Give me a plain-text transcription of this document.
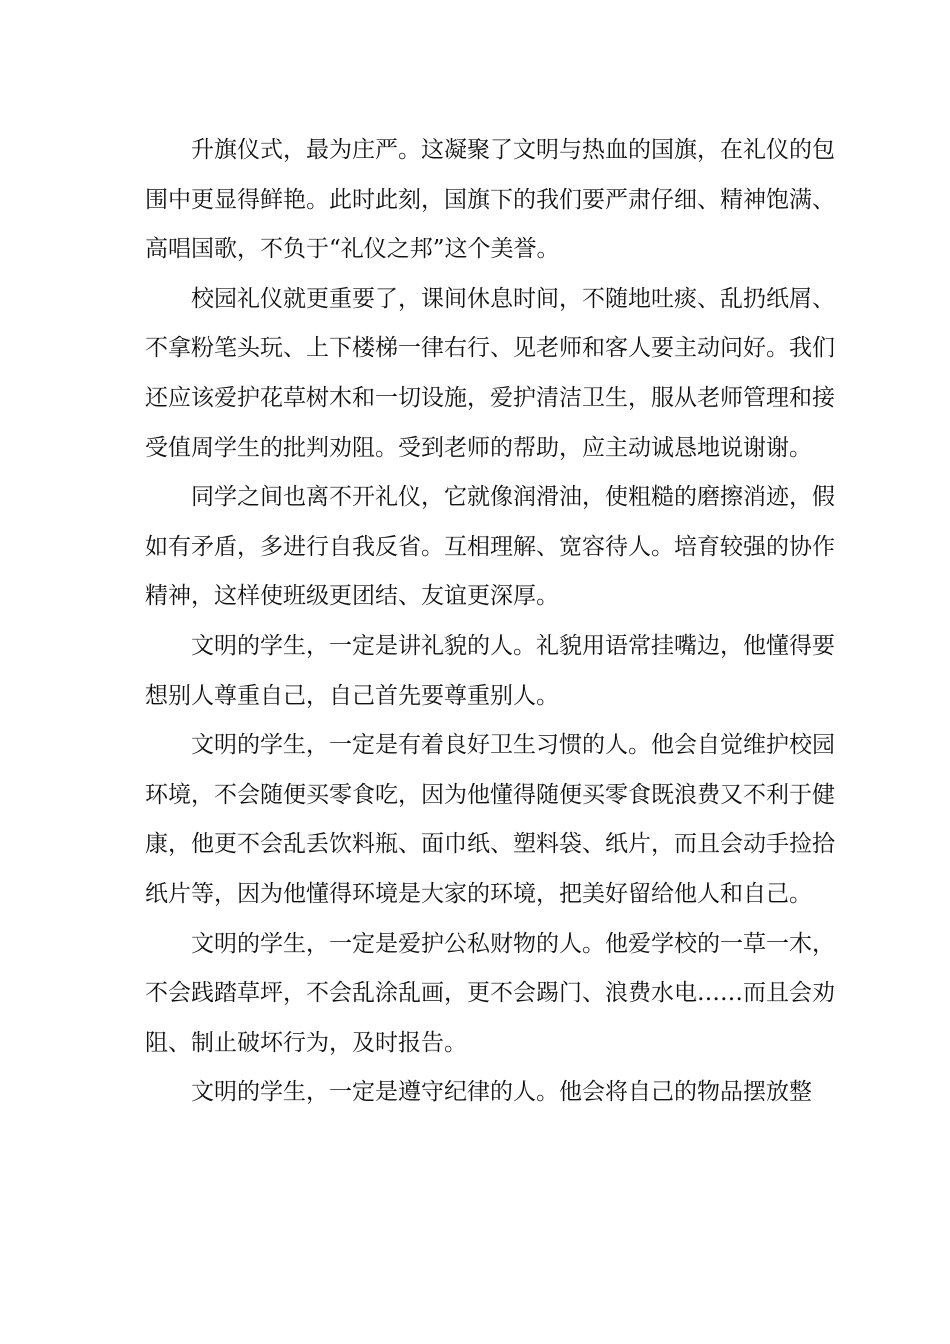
升旗仪式，最为庄严。这凝聚了文明与热血的国旗，在礼仪的包围中更显得鲜艳。此时此刻，国旗下的我们要严肃仔细、精神饱满、高唱国歌，不负于“礼仪之邦”这个美誉。

校园礼仪就更重要了，课间休息时间，不随地吐痰、乱扔纸屑、不拿粉笔头玩、上下楼梯一律右行、见老师和客人要主动问好。我们还应该爱护花草树木和一切设施，爱护清洁卫生，服从老师管理和接受值周学生的批判劝阻。受到老师的帮助，应主动诚恳地说谢谢。

同学之间也离不开礼仪，它就像润滑油，使粗糙的磨擦消迹，假如有矛盾，多进行自我反省。互相理解、宽容待人。培育较强的协作精神，这样使班级更团结、友谊更深厚。

文明的学生，一定是讲礼貌的人。礼貌用语常挂嘴边，他懂得要想别人尊重自己，自己首先要尊重别人。

文明的学生，一定是有着良好卫生习惯的人。他会自觉维护校园环境，不会随便买零食吃，因为他懂得随便买零食既浪费又不利于健康，他更不会乱丢饮料瓶、面巾纸、塑料袋、纸片，而且会动手捡拾纸片等，因为他懂得环境是大家的环境，把美好留给他人和自己。

文明的学生，一定是爱护公私财物的人。他爱学校的一草一木，不会践踏草坪，不会乱涂乱画，更不会踢门、浪费水电……而且会劝阻、制止破坏行为，及时报告。

文明的学生，一定是遵守纪律的人。他会将自己的物品摆放整
